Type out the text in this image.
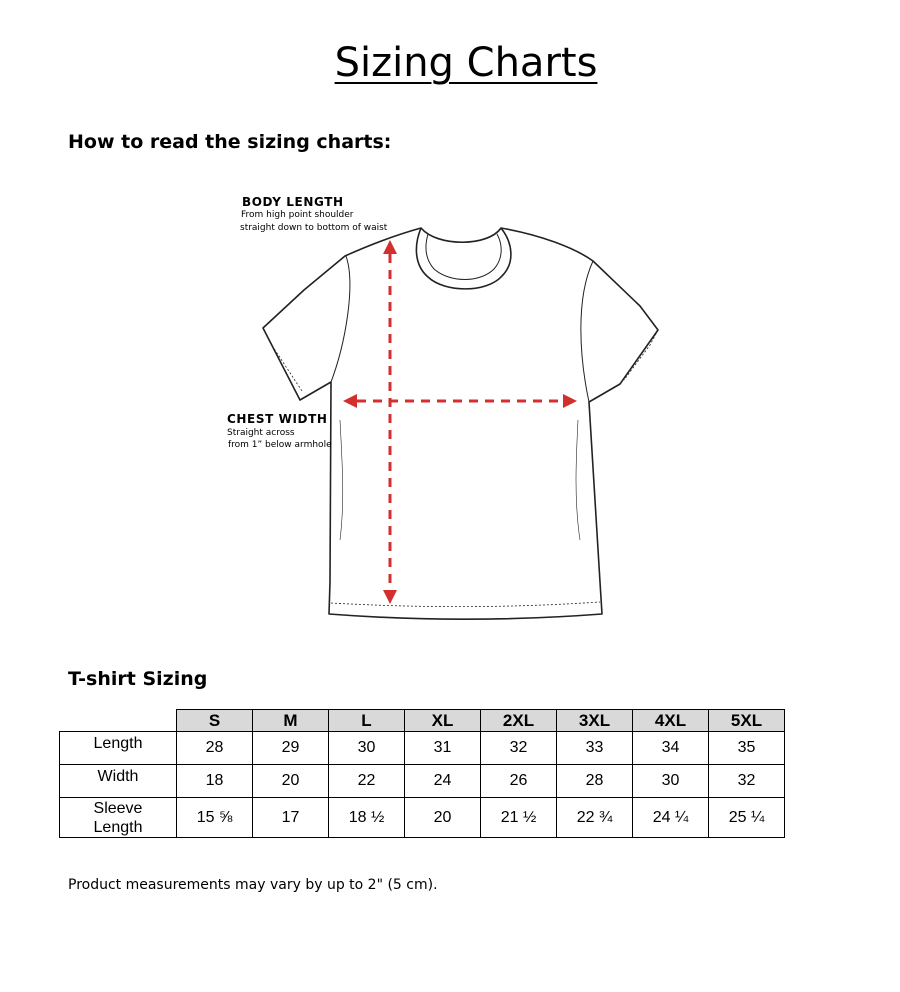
Sizing Charts
How to read the sizing charts:
BODY LENGTH
From high point shoulder
straight down to bottom of waist
CHEST WIDTH
Straight across
from 1” below armhole
T-shirt Sizing
	S	M	L	XL	2XL	3XL	4XL	5XL
Length	28	29	30	31	32	33	34	35
Width	18	20	22	24	26	28	30	32

Sleeve
Length	15 ⅝	17	18 ½	20	21 ½	22 ¾	24 ¼	25 ¼
Product measurements may vary by up to 2" (5 cm).
